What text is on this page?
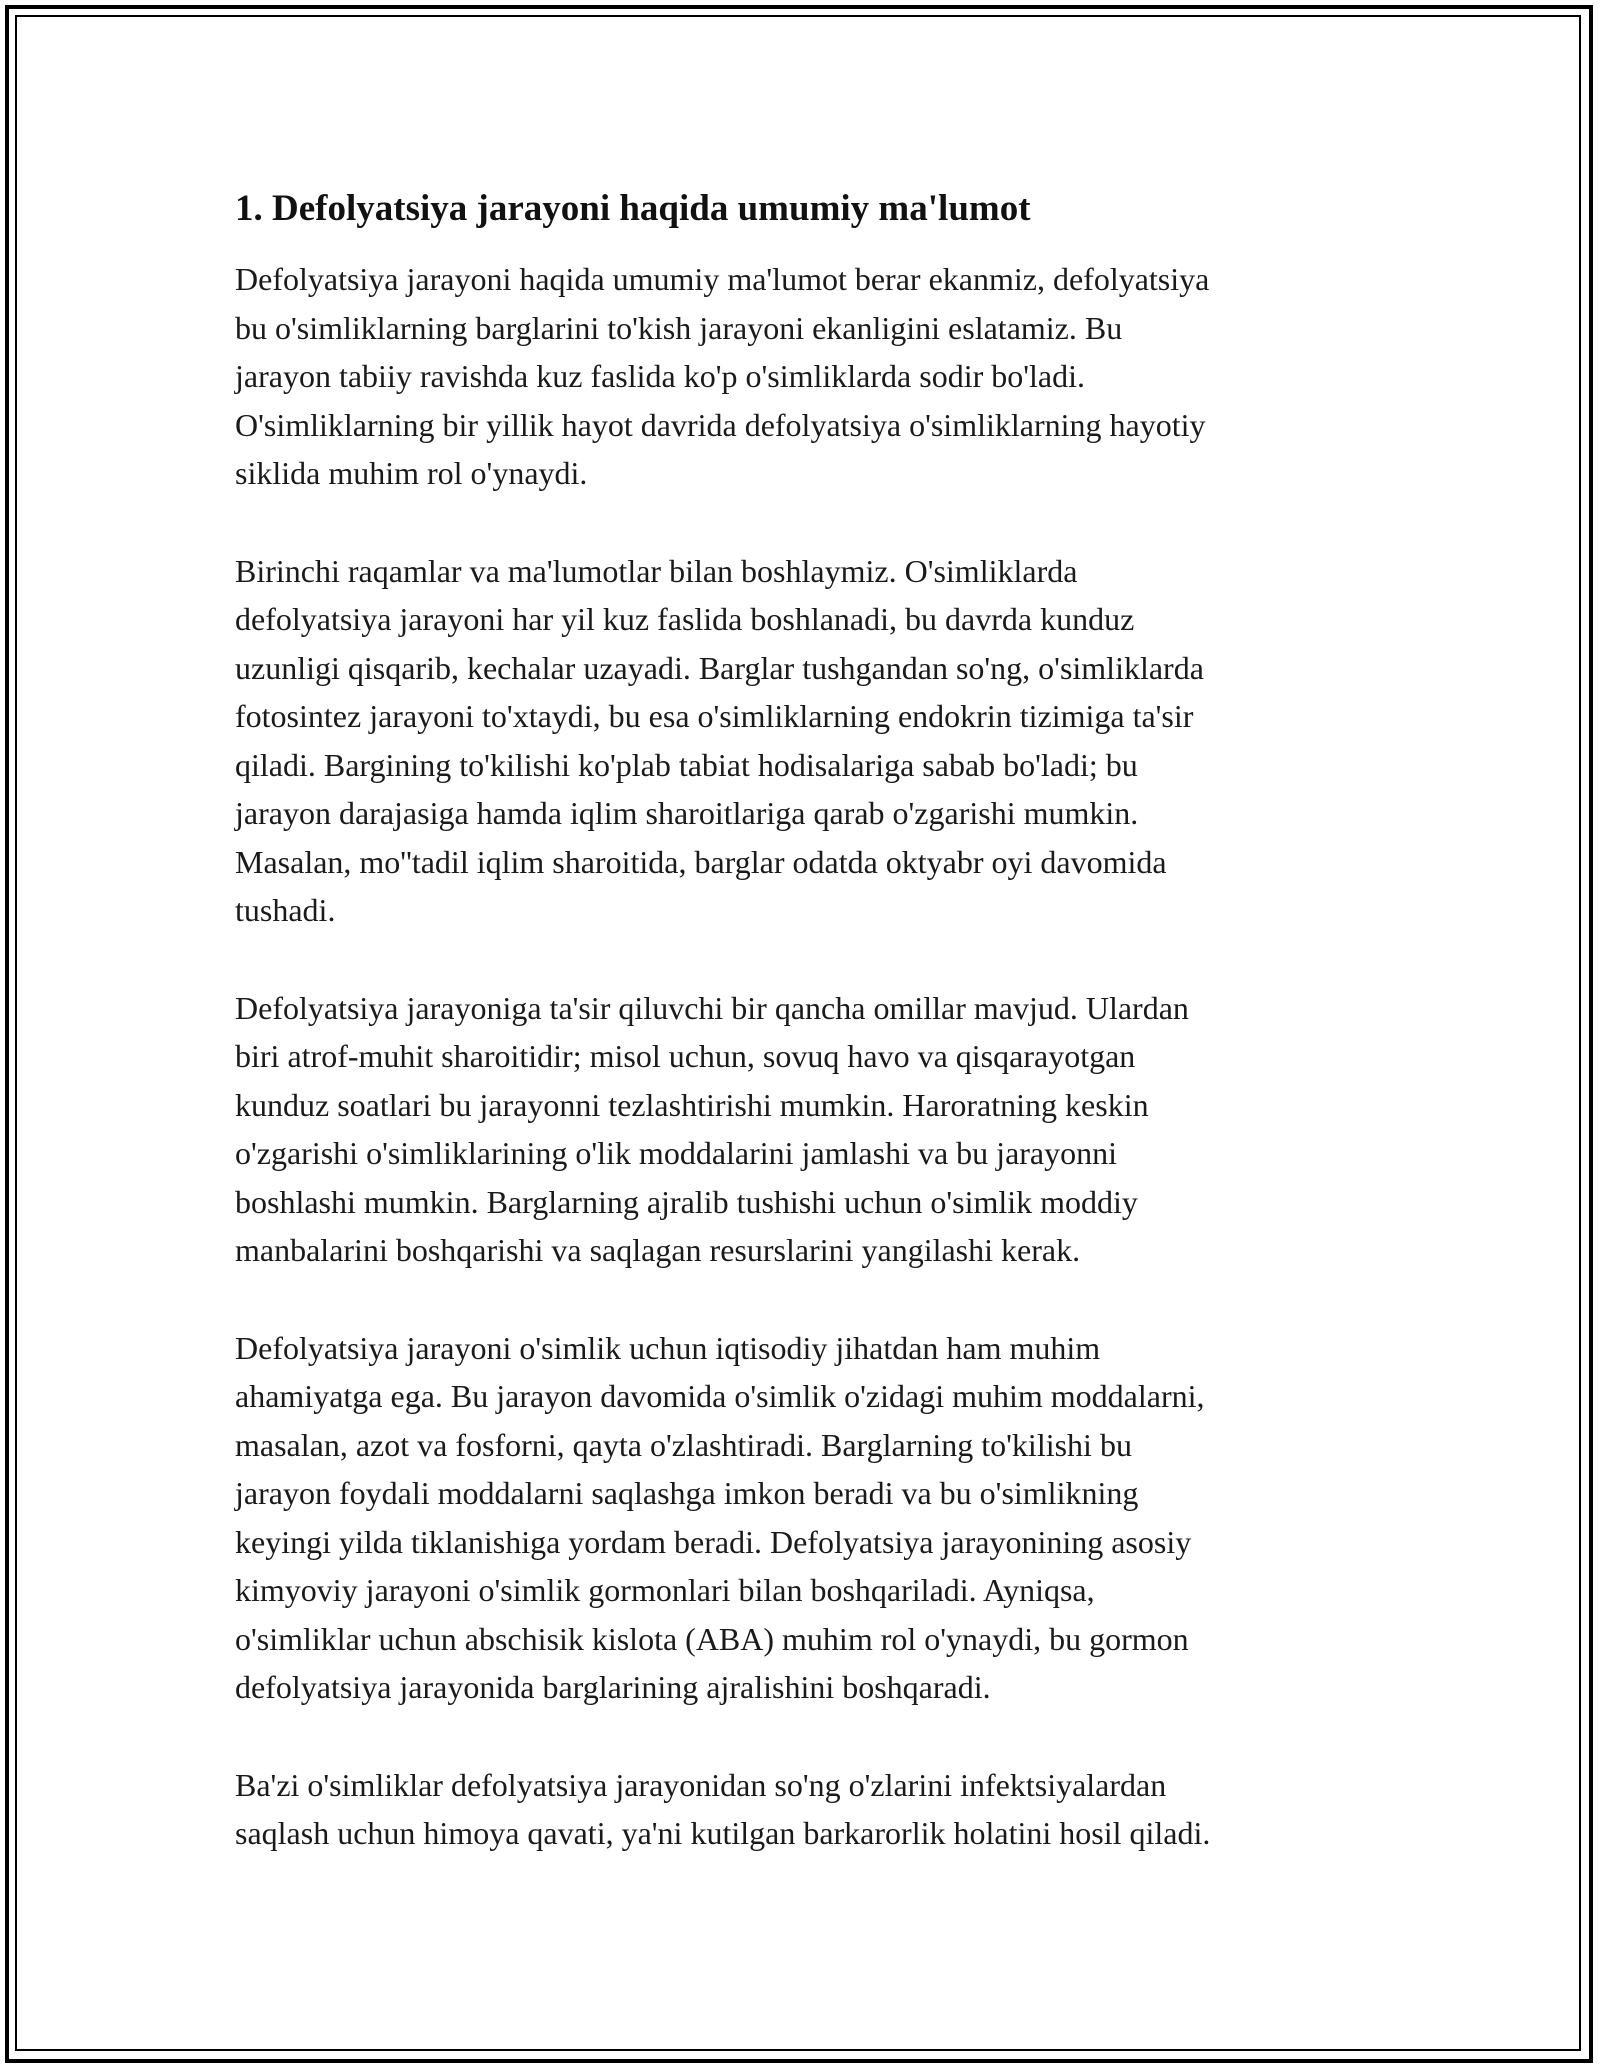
1. Defolyatsiya jarayoni haqida umumiy ma'lumot
Defolyatsiya jarayoni haqida umumiy ma'lumot berar ekanmiz, defolyatsiya
bu o'simliklarning barglarini to'kish jarayoni ekanligini eslatamiz. Bu
jarayon tabiiy ravishda kuz faslida ko'p o'simliklarda sodir bo'ladi.
O'simliklarning bir yillik hayot davrida defolyatsiya o'simliklarning hayotiy
siklida muhim rol o'ynaydi.
Birinchi raqamlar va ma'lumotlar bilan boshlaymiz. O'simliklarda
defolyatsiya jarayoni har yil kuz faslida boshlanadi, bu davrda kunduz
uzunligi qisqarib, kechalar uzayadi. Barglar tushgandan so'ng, o'simliklarda
fotosintez jarayoni to'xtaydi, bu esa o'simliklarning endokrin tizimiga ta'sir
qiladi. Bargining to'kilishi ko'plab tabiat hodisalariga sabab bo'ladi; bu
jarayon darajasiga hamda iqlim sharoitlariga qarab o'zgarishi mumkin.
Masalan, mo''tadil iqlim sharoitida, barglar odatda oktyabr oyi davomida
tushadi.
Defolyatsiya jarayoniga ta'sir qiluvchi bir qancha omillar mavjud. Ulardan
biri atrof-muhit sharoitidir; misol uchun, sovuq havo va qisqarayotgan
kunduz soatlari bu jarayonni tezlashtirishi mumkin. Haroratning keskin
o'zgarishi o'simliklarining o'lik moddalarini jamlashi va bu jarayonni
boshlashi mumkin. Barglarning ajralib tushishi uchun o'simlik moddiy
manbalarini boshqarishi va saqlagan resurslarini yangilashi kerak.
Defolyatsiya jarayoni o'simlik uchun iqtisodiy jihatdan ham muhim
ahamiyatga ega. Bu jarayon davomida o'simlik o'zidagi muhim moddalarni,
masalan, azot va fosforni, qayta o'zlashtiradi. Barglarning to'kilishi bu
jarayon foydali moddalarni saqlashga imkon beradi va bu o'simlikning
keyingi yilda tiklanishiga yordam beradi. Defolyatsiya jarayonining asosiy
kimyoviy jarayoni o'simlik gormonlari bilan boshqariladi. Ayniqsa,
o'simliklar uchun abschisik kislota (ABA) muhim rol o'ynaydi, bu gormon
defolyatsiya jarayonida barglarining ajralishini boshqaradi.
Ba'zi o'simliklar defolyatsiya jarayonidan so'ng o'zlarini infektsiyalardan
saqlash uchun himoya qavati, ya'ni kutilgan barkarorlik holatini hosil qiladi.
